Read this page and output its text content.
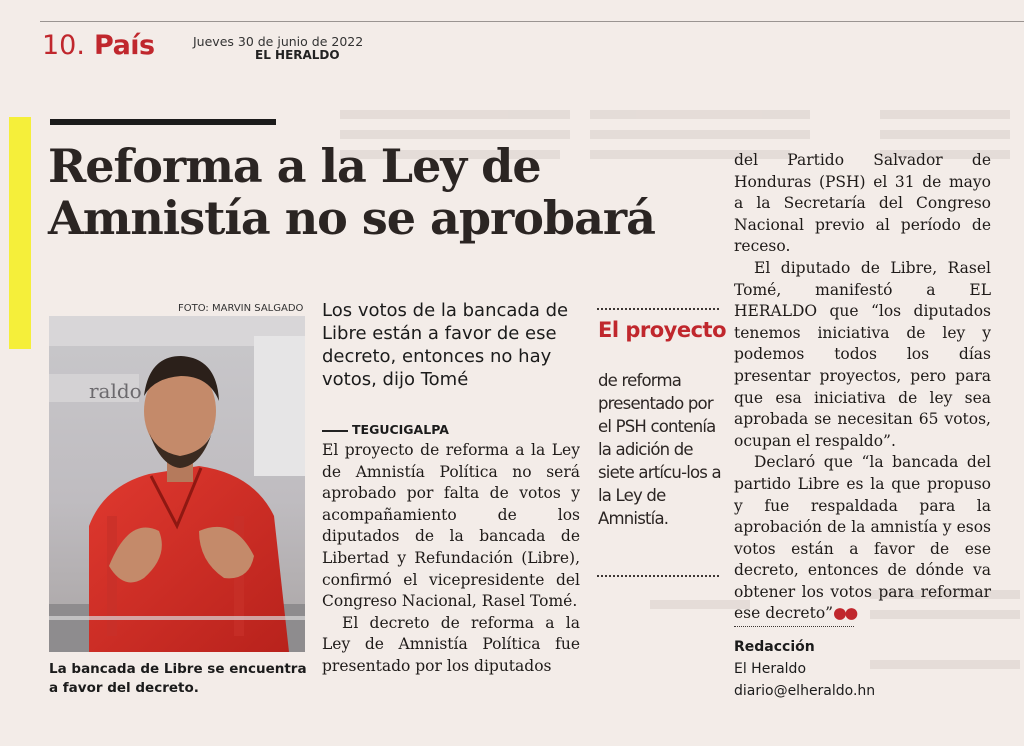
10. País	Jueves 30 de junio de 2022
EL HERALDO
Reforma a la Ley de
Amnistía no se aprobará
FOTO: MARVIN SALGADO
raldo
La bancada de Libre se encuentra a favor del decreto.
Los votos de la bancada de Libre están a favor de ese decreto, entonces no hay votos, dijo Tomé
TEGUCIGALPA

El proyecto de reforma a la Ley de Amnistía Política no será aprobado por falta de votos y acompañamiento de los diputados de la bancada de Libertad y Refundación (Libre), confirmó el vicepresidente del Congreso Nacional, Rasel Tomé.

El decreto de reforma a la Ley de Amnistía Política fue presentado por los diputados

El proyecto
de reforma presentado por el PSH contenía la adición de siete artícu-los a la Ley de Amnistía.

del Partido Salvador de Honduras (PSH) el 31 de mayo a la Secretaría del Congreso Nacional previo al período de receso.

El diputado de Libre, Rasel Tomé, manifestó a EL HERALDO que “los diputados tenemos iniciativa de ley y podemos todos los días presentar proyectos, pero para que esa iniciativa de ley sea aprobada se necesitan 65 votos, ocupan el respaldo”.

Declaró que “la bancada del partido Libre es la que propuso y fue respaldada para la aprobación de la amnistía y esos votos están a favor de ese decreto, entonces de dónde va obtener los votos para reformar ese decreto”●●

Redacción
El Heraldo
diario@elheraldo.hn
